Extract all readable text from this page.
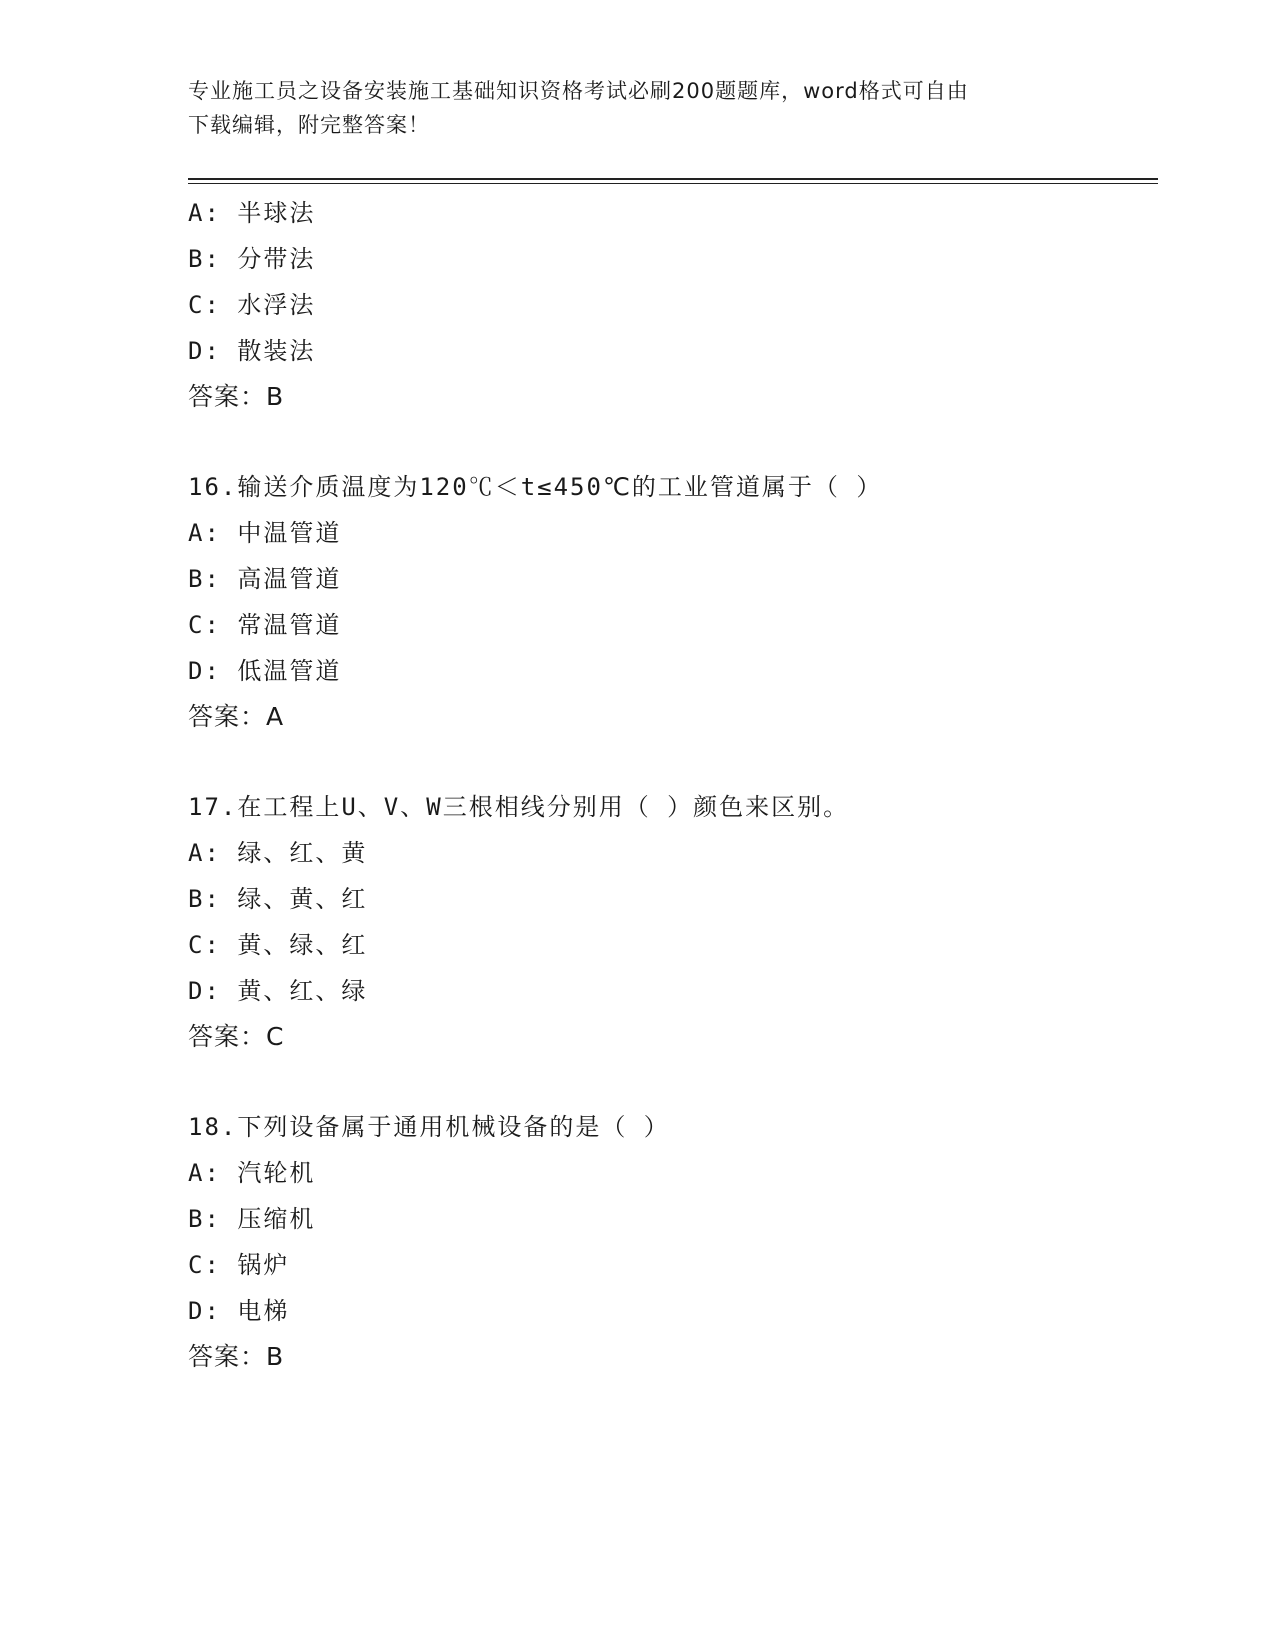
专业施工员之设备安装施工基础知识资格考试必刷200题题库，word格式可自由
下载编辑，附完整答案！
A: 半球法
B: 分带法
C: 水浮法
D: 散装法
答案：B
16.输送介质温度为120℃＜t≤450℃的工业管道属于（ ）
A: 中温管道
B: 高温管道
C: 常温管道
D: 低温管道
答案：A
17.在工程上U、V、W三根相线分别用（ ）颜色来区别。
A: 绿、红、黄
B: 绿、黄、红
C: 黄、绿、红
D: 黄、红、绿
答案：C
18.下列设备属于通用机械设备的是（ ）
A: 汽轮机
B: 压缩机
C: 锅炉
D: 电梯
答案：B
